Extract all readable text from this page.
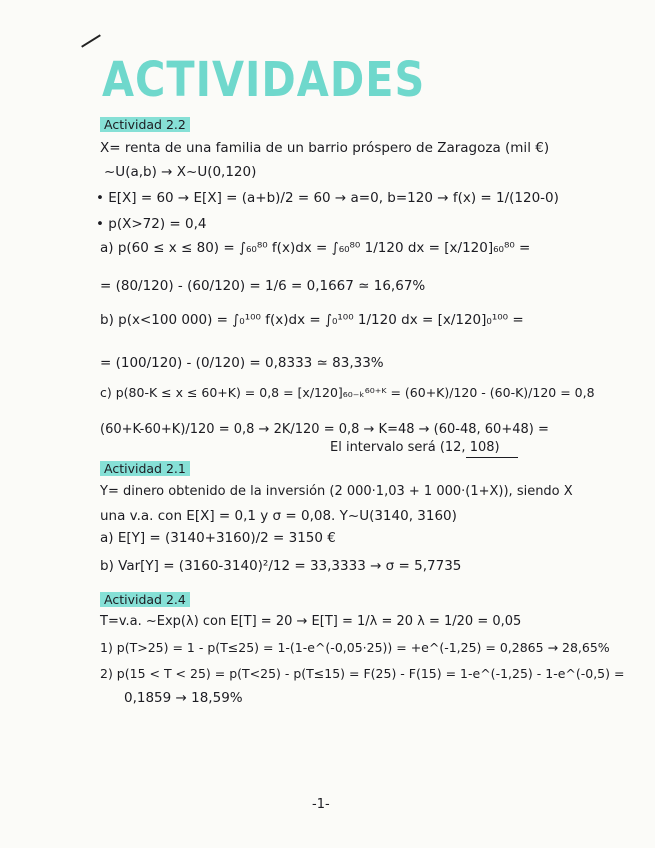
ACTIVIDADES
Actividad 2.2
X= renta de una familia de un barrio próspero de Zaragoza (mil €)
~U(a,b) → X~U(0,120)
• E[X] = 60 → E[X] = (a+b)/2 = 60 → a=0, b=120 → f(x) = 1/(120-0)
• p(X>72) = 0,4
a) p(60 ≤ x ≤ 80) = ∫₆₀⁸⁰ f(x)dx = ∫₆₀⁸⁰ 1/120 dx = [x/120]₆₀⁸⁰ =
= (80/120) - (60/120) = 1/6 = 0,1667 ≃ 16,67%
b) p(x<100 000) = ∫₀¹⁰⁰ f(x)dx = ∫₀¹⁰⁰ 1/120 dx = [x/120]₀¹⁰⁰ =
= (100/120) - (0/120) = 0,8333 ≃ 83,33%
c) p(80-K ≤ x ≤ 60+K) = 0,8 = [x/120]₆₀₋ₖ⁶⁰⁺ᴷ = (60+K)/120 - (60-K)/120 = 0,8
(60+K-60+K)/120 = 0,8 → 2K/120 = 0,8 → K=48 → (60-48, 60+48) =
El intervalo será (12, 108)
Actividad 2.1
Y= dinero obtenido de la inversión (2 000·1,03 + 1 000·(1+X)), siendo X
una v.a. con E[X] = 0,1 y σ = 0,08. Y~U(3140, 3160)
a) E[Y] = (3140+3160)/2 = 3150 €
b) Var[Y] = (3160-3140)²/12 = 33,3333 → σ = 5,7735
Actividad 2.4
T=v.a. ~Exp(λ) con E[T] = 20 → E[T] = 1/λ = 20 λ = 1/20 = 0,05
1) p(T>25) = 1 - p(T≤25) = 1-(1-e^(-0,05·25)) = +e^(-1,25) = 0,2865 → 28,65%
2) p(15 < T < 25) = p(T<25) - p(T≤15) = F(25) - F(15) = 1-e^(-1,25) - 1-e^(-0,5) =
0,1859 → 18,59%
-1-
